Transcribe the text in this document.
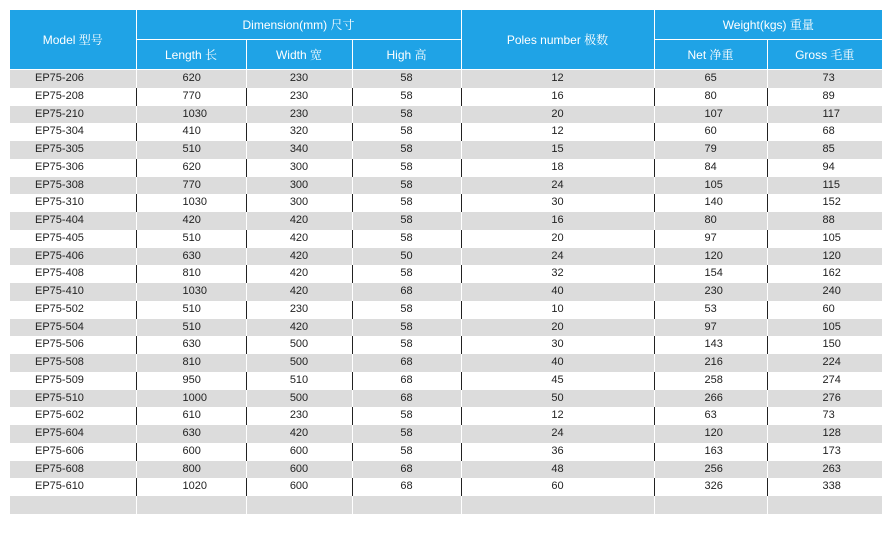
Model 型号	Dimension(mm) 尺寸			Poles number 极数	Weight(kgs) 重量	
	Length 长	Width 宽	High 高		Net 净重	Gross 毛重
EP75-206	620	230	58	12	65	73
EP75-208	770	230	58	16	80	89
EP75-210	1030	230	58	20	107	117
EP75-304	410	320	58	12	60	68
EP75-305	510	340	58	15	79	85
EP75-306	620	300	58	18	84	94
EP75-308	770	300	58	24	105	115
EP75-310	1030	300	58	30	140	152
EP75-404	420	420	58	16	80	88
EP75-405	510	420	58	20	97	105
EP75-406	630	420	50	24	120	120
EP75-408	810	420	58	32	154	162
EP75-410	1030	420	68	40	230	240
EP75-502	510	230	58	10	53	60
EP75-504	510	420	58	20	97	105
EP75-506	630	500	58	30	143	150
EP75-508	810	500	68	40	216	224
EP75-509	950	510	68	45	258	274
EP75-510	1000	500	68	50	266	276
EP75-602	610	230	58	12	63	73
EP75-604	630	420	58	24	120	128
EP75-606	600	600	58	36	163	173
EP75-608	800	600	68	48	256	263
EP75-610	1020	600	68	60	326	338
